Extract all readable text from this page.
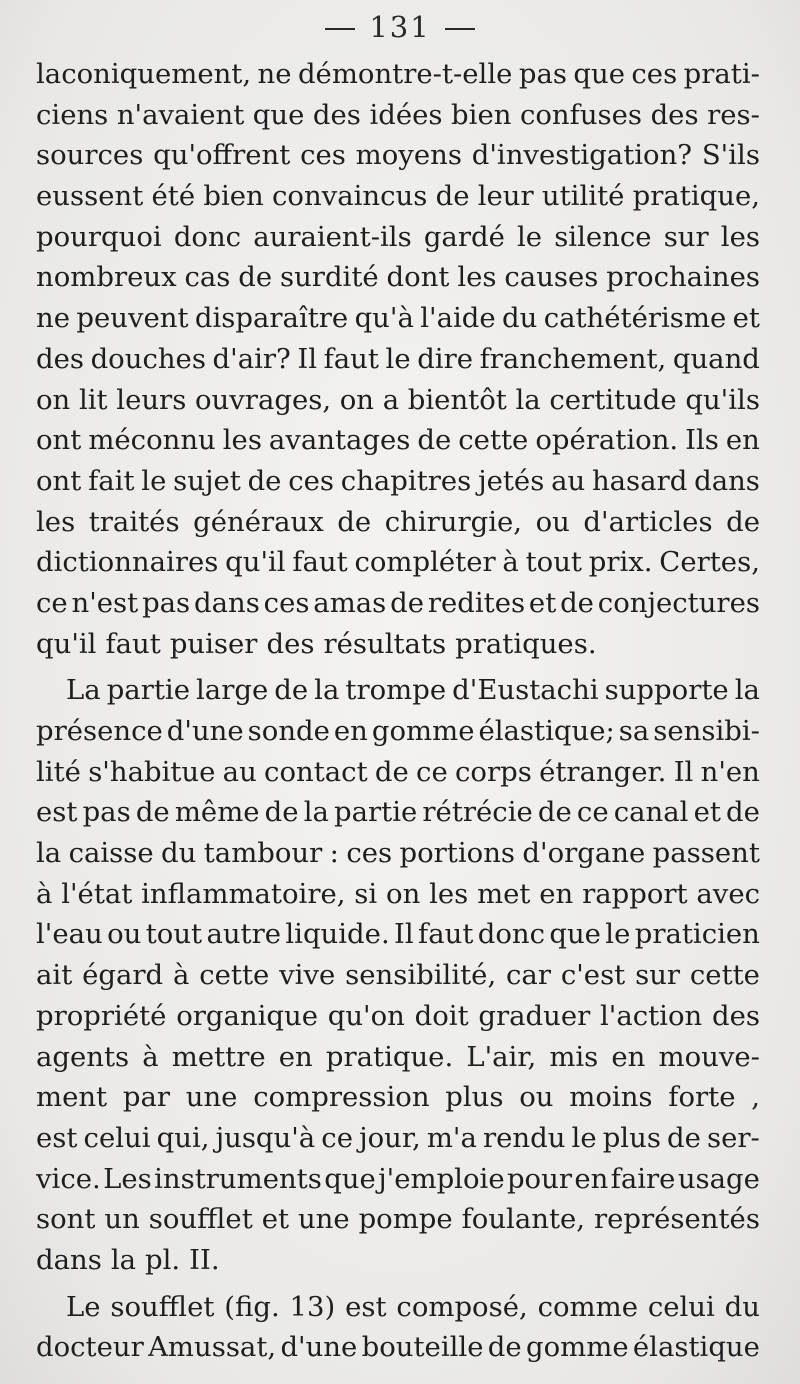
131
laconiquement, ne démontre-t-elle pas que ces prati-
ciens n'avaient que des idées bien confuses des res-
sources qu'offrent ces moyens d'investigation? S'ils
eussent été bien convaincus de leur utilité pratique,
pourquoi donc auraient-ils gardé le silence sur les
nombreux cas de surdité dont les causes prochaines
ne peuvent disparaître qu'à l'aide du cathétérisme et
des douches d'air? Il faut le dire franchement, quand
on lit leurs ouvrages, on a bientôt la certitude qu'ils
ont méconnu les avantages de cette opération. Ils en
ont fait le sujet de ces chapitres jetés au hasard dans
les traités généraux de chirurgie, ou d'articles de
dictionnaires qu'il faut compléter à tout prix. Certes,
ce n'est pas dans ces amas de redites et de conjectures
qu'il faut puiser des résultats pratiques.
La partie large de la trompe d'Eustachi supporte la
présence d'une sonde en gomme élastique; sa sensibi-
lité s'habitue au contact de ce corps étranger. Il n'en
est pas de même de la partie rétrécie de ce canal et de
la caisse du tambour : ces portions d'organe passent
à l'état inflammatoire, si on les met en rapport avec
l'eau ou tout autre liquide. Il faut donc que le praticien
ait égard à cette vive sensibilité, car c'est sur cette
propriété organique qu'on doit graduer l'action des
agents à mettre en pratique. L'air, mis en mouve-
ment par une compression plus ou moins forte ,
est celui qui, jusqu'à ce jour, m'a rendu le plus de ser-
vice. Les instruments que j'emploie pour en faire usage
sont un soufflet et une pompe foulante, représentés
dans la pl. II.
Le soufflet (fig. 13) est composé, comme celui du
docteur Amussat, d'une bouteille de gomme élastique
